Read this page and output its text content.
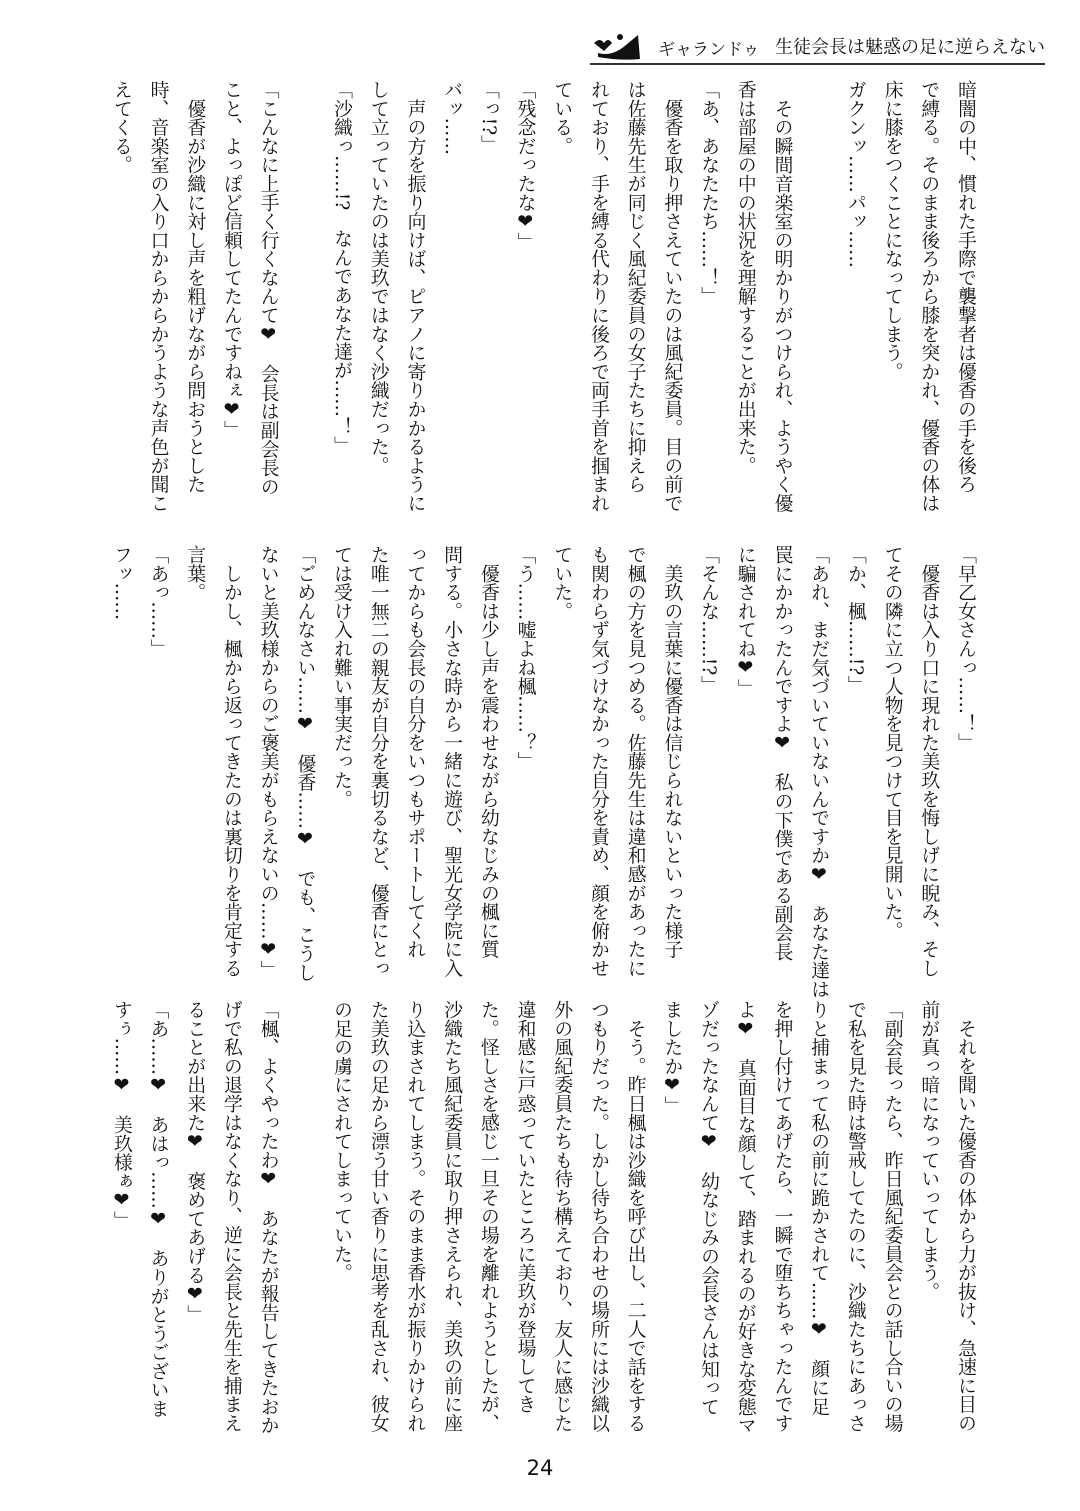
ギャランドゥ 生徒会長は魅惑の足に逆らえない
暗闇の中、慣れた手際で襲撃者は優香の手を後ろ
で縛る。そのまま後ろから膝を突かれ、優香の体は
床に膝をつくことになってしまう。
ガクンッ……パッ……
　その瞬間音楽室の明かりがつけられ、ようやく優
香は部屋の中の状況を理解することが出来た。
「あ、あなたたち……！」
　優香を取り押さえていたのは風紀委員。目の前で
は佐藤先生が同じく風紀委員の女子たちに抑えら
れており、手を縛る代わりに後ろで両手首を掴まれ
ている。
「残念だったな❤」
「っ!?」
バッ……
　声の方を振り向けば、ピアノに寄りかかるように
して立っていたのは美玖ではなく沙織だった。
「沙織っ……!?　なんであなた達が……！」
「こんなに上手く行くなんて❤　会長は副会長の
こと、よっぽど信頼してたんですねぇ❤」
　優香が沙織に対し声を粗げながら問おうとした
時、音楽室の入り口からからかうような声色が聞こ
えてくる。
「早乙女さんっ……！」
　優香は入り口に現れた美玖を悔しげに睨み、そし
てその隣に立つ人物を見つけて目を見開いた。
「か、楓……!?」
「あれ、まだ気づいていないんですか❤　あなた達は
罠にかかったんですよ❤　私の下僕である副会長
に騙されてね❤」
「そんな……!?」
　美玖の言葉に優香は信じられないといった様子
で楓の方を見つめる。佐藤先生は違和感があったに
も関わらず気づけなかった自分を責め、顔を俯かせ
ていた。
「う……嘘よね楓……？」
　優香は少し声を震わせながら幼なじみの楓に質
問する。小さな時から一緒に遊び、聖光女学院に入
ってからも会長の自分をいつもサポートしてくれ
た唯一無二の親友が自分を裏切るなど、優香にとっ
ては受け入れ難い事実だった。
「ごめんなさい……❤　優香……❤　でも、こうし
ないと美玖様からのご褒美がもらえないの……❤」
　しかし、楓から返ってきたのは裏切りを肯定する
言葉。
「あっ……」
フッ……
　それを聞いた優香の体から力が抜け、急速に目の
前が真っ暗になっていってしまう。
「副会長ったら、昨日風紀委員会との話し合いの場
で私を見た時は警戒してたのに、沙織たちにあっさ
りと捕まって私の前に跪かされて……❤　顔に足
を押し付けてあげたら、一瞬で堕ちちゃったんです
よ❤　真面目な顔して、踏まれるのが好きな変態マ
ゾだったなんて❤　幼なじみの会長さんは知って
ましたか❤」
　そう。昨日楓は沙織を呼び出し、二人で話をする
つもりだった。しかし待ち合わせの場所には沙織以
外の風紀委員たちも待ち構えており、友人に感じた
違和感に戸惑っていたところに美玖が登場してき
た。怪しさを感じ一旦その場を離れようとしたが、
沙織たち風紀委員に取り押さえられ、美玖の前に座
り込まされてしまう。そのまま香水が振りかけられ
た美玖の足から漂う甘い香りに思考を乱され、彼女
の足の虜にされてしまっていた。
「楓、よくやったわ❤　あなたが報告してきたおか
げで私の退学はなくなり、逆に会長と先生を捕まえ
ることが出来た❤　褒めてあげる❤」
「あ……❤　あはっ……❤　ありがとうございま
すぅ……❤　美玖様ぁ❤」
24
